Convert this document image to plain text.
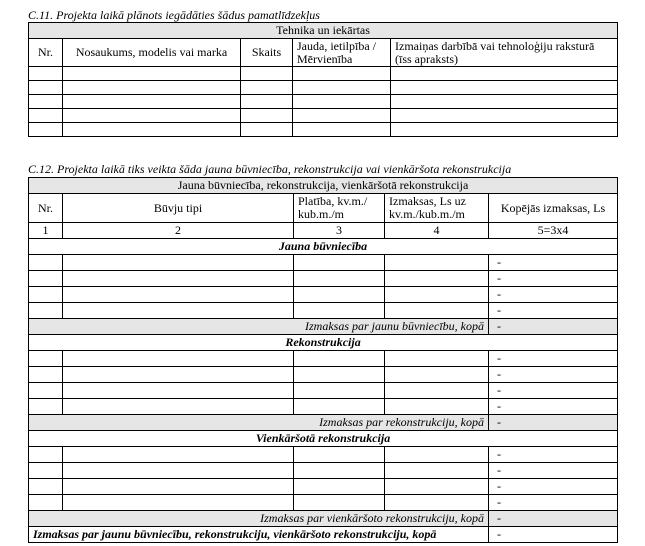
C.11. Projekta laikā plānots iegādāties šādus pamatlīdzekļus
Tehnika un iekārtas				
Nr.	Nosaukums, modelis vai marka	Skaits	Jauda, ietilpība / Mērvienība	Izmaiņas darbībā vai tehnoloģiju raksturā (īss apraksts)

C.12. Projekta laikā tiks veikta šāda jauna būvniecība, rekonstrukcija vai vienkāršota rekonstrukcija
Jauna būvniecība, rekonstrukcija, vienkāršotā rekonstrukcija				
Nr.	Būvju tipi	Platība, kv.m./ kub.m./m	Izmaksas, Ls uz kv.m./kub.m./m	Kopējās izmaksas, Ls
1	2	3	4	5=3x4
Jauna būvniecība				
				-
				-
				-
				-
Izmaksas par jaunu būvniecību, kopā				-
Rekonstrukcija				
				-
				-
				-
				-
Izmaksas par rekonstrukciju, kopā				-
Vienkāršotā rekonstrukcija				
				-
				-
				-
				-
Izmaksas par vienkāršoto rekonstrukciju, kopā				-
Izmaksas par jaunu būvniecību, rekonstrukciju, vienkāršoto rekonstrukciju, kopā				-
